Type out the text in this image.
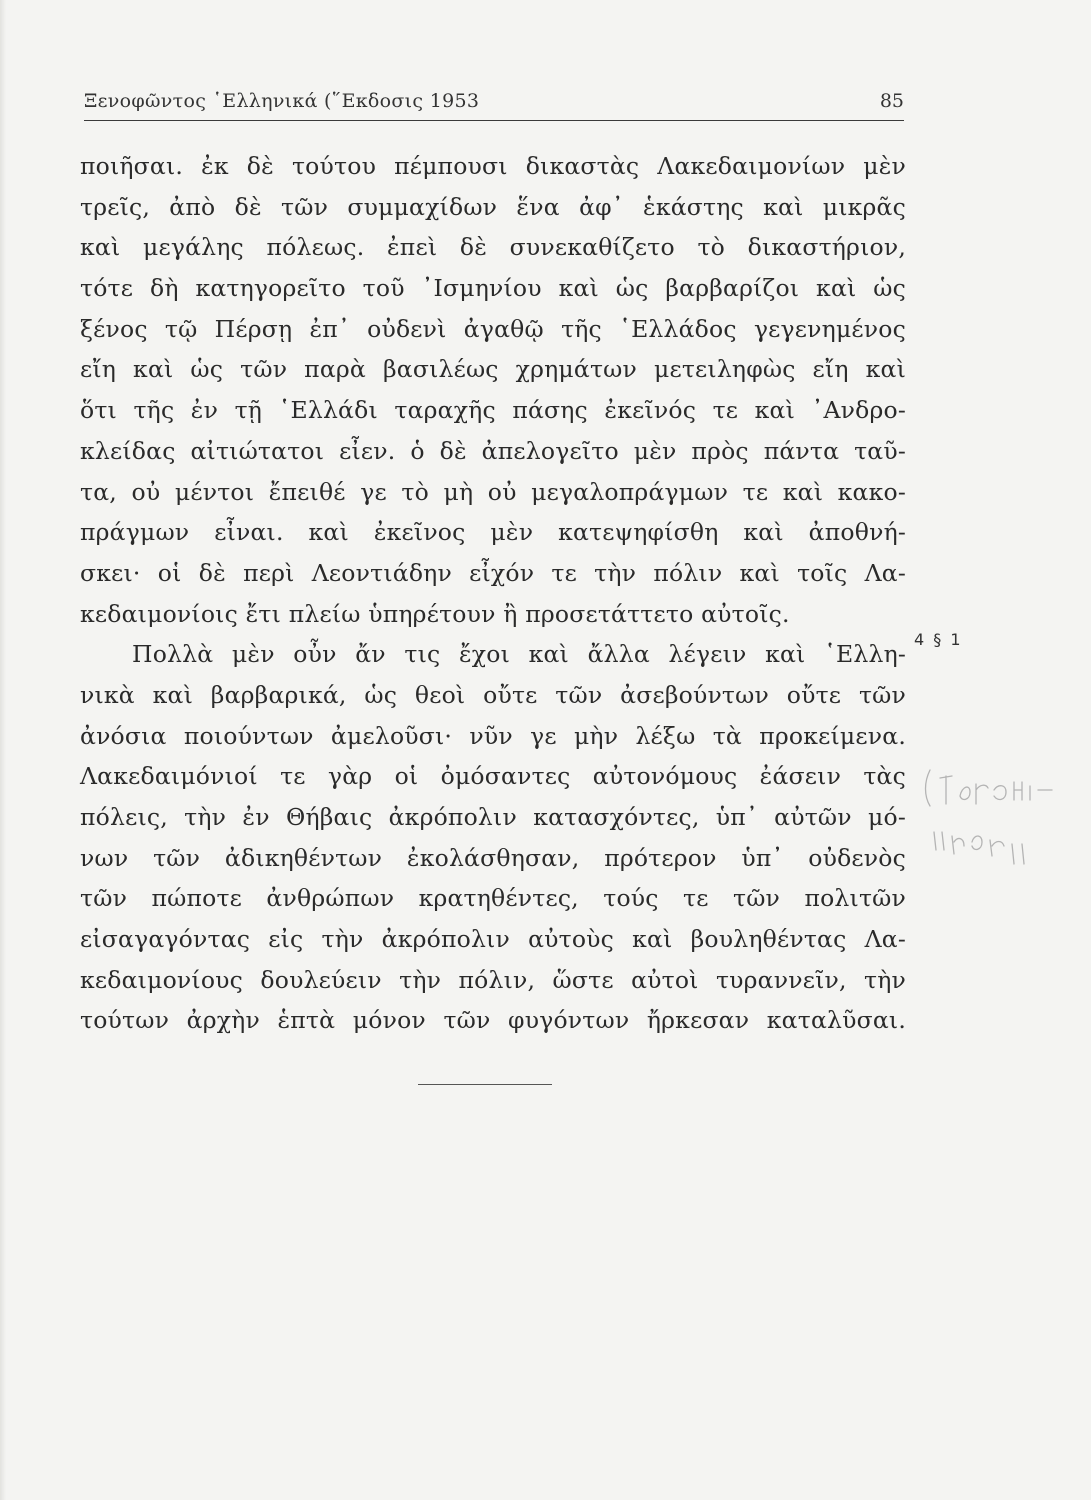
Ξενοφῶντος ῾Ελληνικά (῞Εκδοσις 1953	85
ποιῆσαι. ἐκ δὲ τούτου πέμπουσι δικαστὰς Λακεδαιμονίων μὲν
τρεῖς, ἀπὸ δὲ τῶν συμμαχίδων ἕνα ἀφ᾽ ἑκάστης καὶ μικρᾶς
καὶ μεγάλης πόλεως. ἐπεὶ δὲ συνεκαθίζετο τὸ δικαστήριον,
τότε δὴ κατηγορεῖτο τοῦ ᾽Ισμηνίου καὶ ὡς βαρβαρίζοι καὶ ὡς
ξένος τῷ Πέρσῃ ἐπ᾽ οὐδενὶ ἀγαθῷ τῆς ῾Ελλάδος γεγενημένος
εἴη καὶ ὡς τῶν παρὰ βασιλέως χρημάτων μετειληφὼς εἴη καὶ
ὅτι τῆς ἐν τῇ ῾Ελλάδι ταραχῆς πάσης ἐκεῖνός τε καὶ ᾽Ανδρο-
κλείδας αἰτιώτατοι εἶεν. ὁ δὲ ἀπελογεῖτο μὲν πρὸς πάντα ταῦ-
τα, οὐ μέντοι ἔπειθέ γε τὸ μὴ οὐ μεγαλοπράγμων τε καὶ κακο-
πράγμων εἶναι. καὶ ἐκεῖνος μὲν κατεψηφίσθη καὶ ἀποθνή-
σκει· οἱ δὲ περὶ Λεοντιάδην εἶχόν τε τὴν πόλιν καὶ τοῖς Λα-
κεδαιμονίοις ἔτι πλείω ὑπηρέτουν ἢ προσετάττετο αὐτοῖς.
Πολλὰ μὲν οὖν ἄν τις ἔχοι καὶ ἄλλα λέγειν καὶ ῾Ελλη-
νικὰ καὶ βαρβαρικά, ὡς θεοὶ οὔτε τῶν ἀσεβούντων οὔτε τῶν
ἀνόσια ποιούντων ἀμελοῦσι· νῦν γε μὴν λέξω τὰ προκείμενα.
Λακεδαιμόνιοί τε γὰρ οἱ ὀμόσαντες αὐτονόμους ἐάσειν τὰς
πόλεις, τὴν ἐν Θήβαις ἀκρόπολιν κατασχόντες, ὑπ᾽ αὐτῶν μό-
νων τῶν ἀδικηθέντων ἐκολάσθησαν, πρότερον ὑπ᾽ οὐδενὸς
τῶν πώποτε ἀνθρώπων κρατηθέντες, τούς τε τῶν πολιτῶν
εἰσαγαγόντας εἰς τὴν ἀκρόπολιν αὐτοὺς καὶ βουληθέντας Λα-
κεδαιμονίους δουλεύειν τὴν πόλιν, ὥστε αὐτοὶ τυραννεῖν, τὴν
τούτων ἀρχὴν ἑπτὰ μόνον τῶν φυγόντων ἤρκεσαν καταλῦσαι.
4 § 1
